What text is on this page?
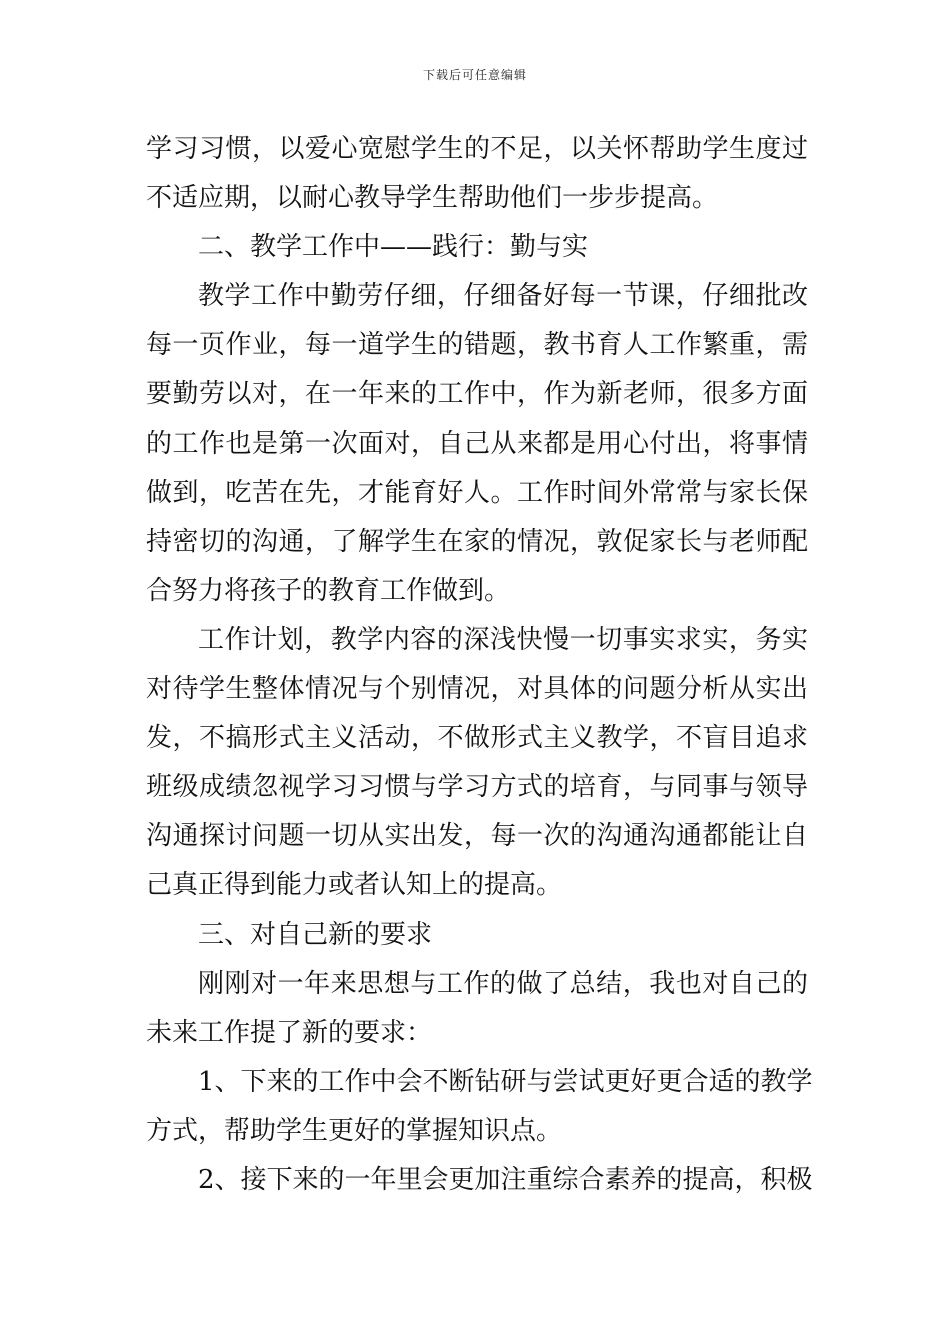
下载后可任意编辑
学习习惯，以爱心宽慰学生的不足，以关怀帮助学生度过
不适应期，以耐心教导学生帮助他们一步步提高。
二、教学工作中——践行：勤与实
教学工作中勤劳仔细，仔细备好每一节课，仔细批改
每一页作业，每一道学生的错题，教书育人工作繁重，需
要勤劳以对，在一年来的工作中，作为新老师，很多方面
的工作也是第一次面对，自己从来都是用心付出，将事情
做到，吃苦在先，才能育好人。工作时间外常常与家长保
持密切的沟通，了解学生在家的情况，敦促家长与老师配
合努力将孩子的教育工作做到。
工作计划，教学内容的深浅快慢一切事实求实，务实
对待学生整体情况与个别情况，对具体的问题分析从实出
发，不搞形式主义活动，不做形式主义教学，不盲目追求
班级成绩忽视学习习惯与学习方式的培育，与同事与领导
沟通探讨问题一切从实出发，每一次的沟通沟通都能让自
己真正得到能力或者认知上的提高。
三、对自己新的要求
刚刚对一年来思想与工作的做了总结，我也对自己的
未来工作提了新的要求：
1、下来的工作中会不断钻研与尝试更好更合适的教学
方式，帮助学生更好的掌握知识点。
2、接下来的一年里会更加注重综合素养的提高，积极
